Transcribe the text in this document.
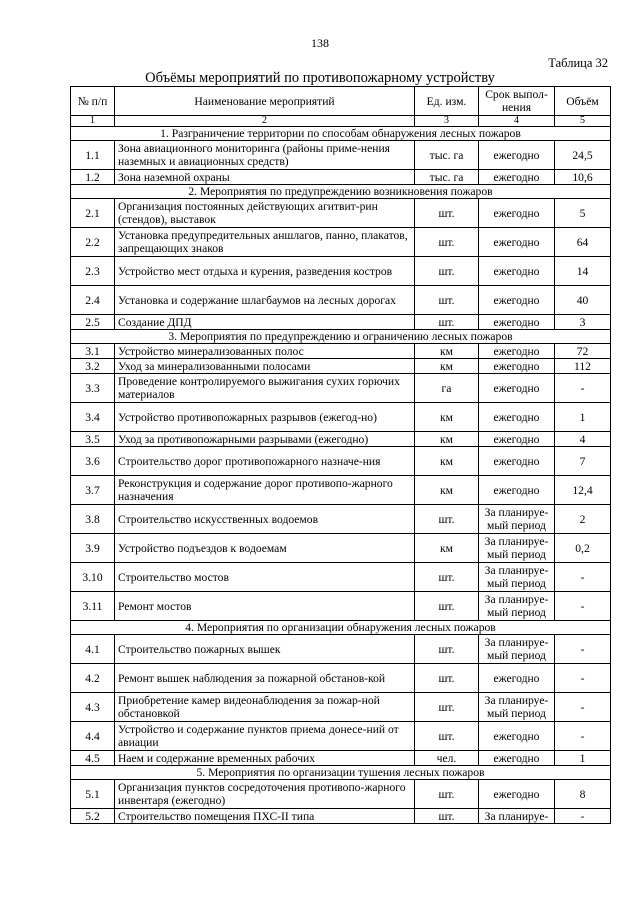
138
Таблица 32
Объёмы мероприятий по противопожарному устройству
№ п/п	Наименование мероприятий	Ед. изм.	Срок выпол-нения	Объём
1	2	3	4	5
1. Разграничение территории по способам обнаружения лесных пожаров				
1.1	Зона авиационного мониторинга (районы приме-нения наземных и авиационных средств)	тыс. га	ежегодно	24,5
1.2	Зона наземной охраны	тыс. га	ежегодно	10,6
2. Мероприятия по предупреждению возникновения пожаров				
2.1	Организация постоянных действующих агитвит-рин (стендов), выставок	шт.	ежегодно	5
2.2	Установка предупредительных аншлагов, панно, плакатов, запрещающих знаков	шт.	ежегодно	64
2.3	Устройство мест отдыха и курения, разведения костров	шт.	ежегодно	14
2.4	Установка и содержание шлагбаумов на лесных дорогах	шт.	ежегодно	40
2.5	Создание ДПД	шт.	ежегодно	3
3. Мероприятия по предупреждению и ограничению лесных пожаров				
3.1	Устройство минерализованных полос	км	ежегодно	72
3.2	Уход за минерализованными полосами	км	ежегодно	112
3.3	Проведение контролируемого выжигания сухих горючих материалов	га	ежегодно	-
3.4	Устройство противопожарных разрывов (ежегод-но)	км	ежегодно	1
3.5	Уход за противопожарными разрывами (ежегодно)	км	ежегодно	4
3.6	Строительство дорог противопожарного назначе-ния	км	ежегодно	7
3.7	Реконструкция и содержание дорог противопо-жарного назначения	км	ежегодно	12,4
3.8	Строительство искусственных водоемов	шт.	За планируе-мый период	2
3.9	Устройство подъездов к водоемам	км	За планируе-мый период	0,2
3.10	Строительство мостов	шт.	За планируе-мый период	-
3.11	Ремонт мостов	шт.	За планируе-мый период	-
4. Мероприятия по организации обнаружения лесных пожаров				
4.1	Строительство пожарных вышек	шт.	За планируе-мый период	-
4.2	Ремонт вышек наблюдения за пожарной обстанов-кой	шт.	ежегодно	-
4.3	Приобретение камер видеонаблюдения за пожар-ной обстановкой	шт.	За планируе-мый период	-
4.4	Устройство и содержание пунктов приема донесе-ний от авиации	шт.	ежегодно	-
4.5	Наем и содержание временных рабочих	чел.	ежегодно	1
5. Мероприятия по организации тушения лесных пожаров				
5.1	Организация пунктов сосредоточения противопо-жарного инвентаря (ежегодно)	шт.	ежегодно	8
5.2	Строительство помещения ПХС-II типа	шт.	За планируе-	-
